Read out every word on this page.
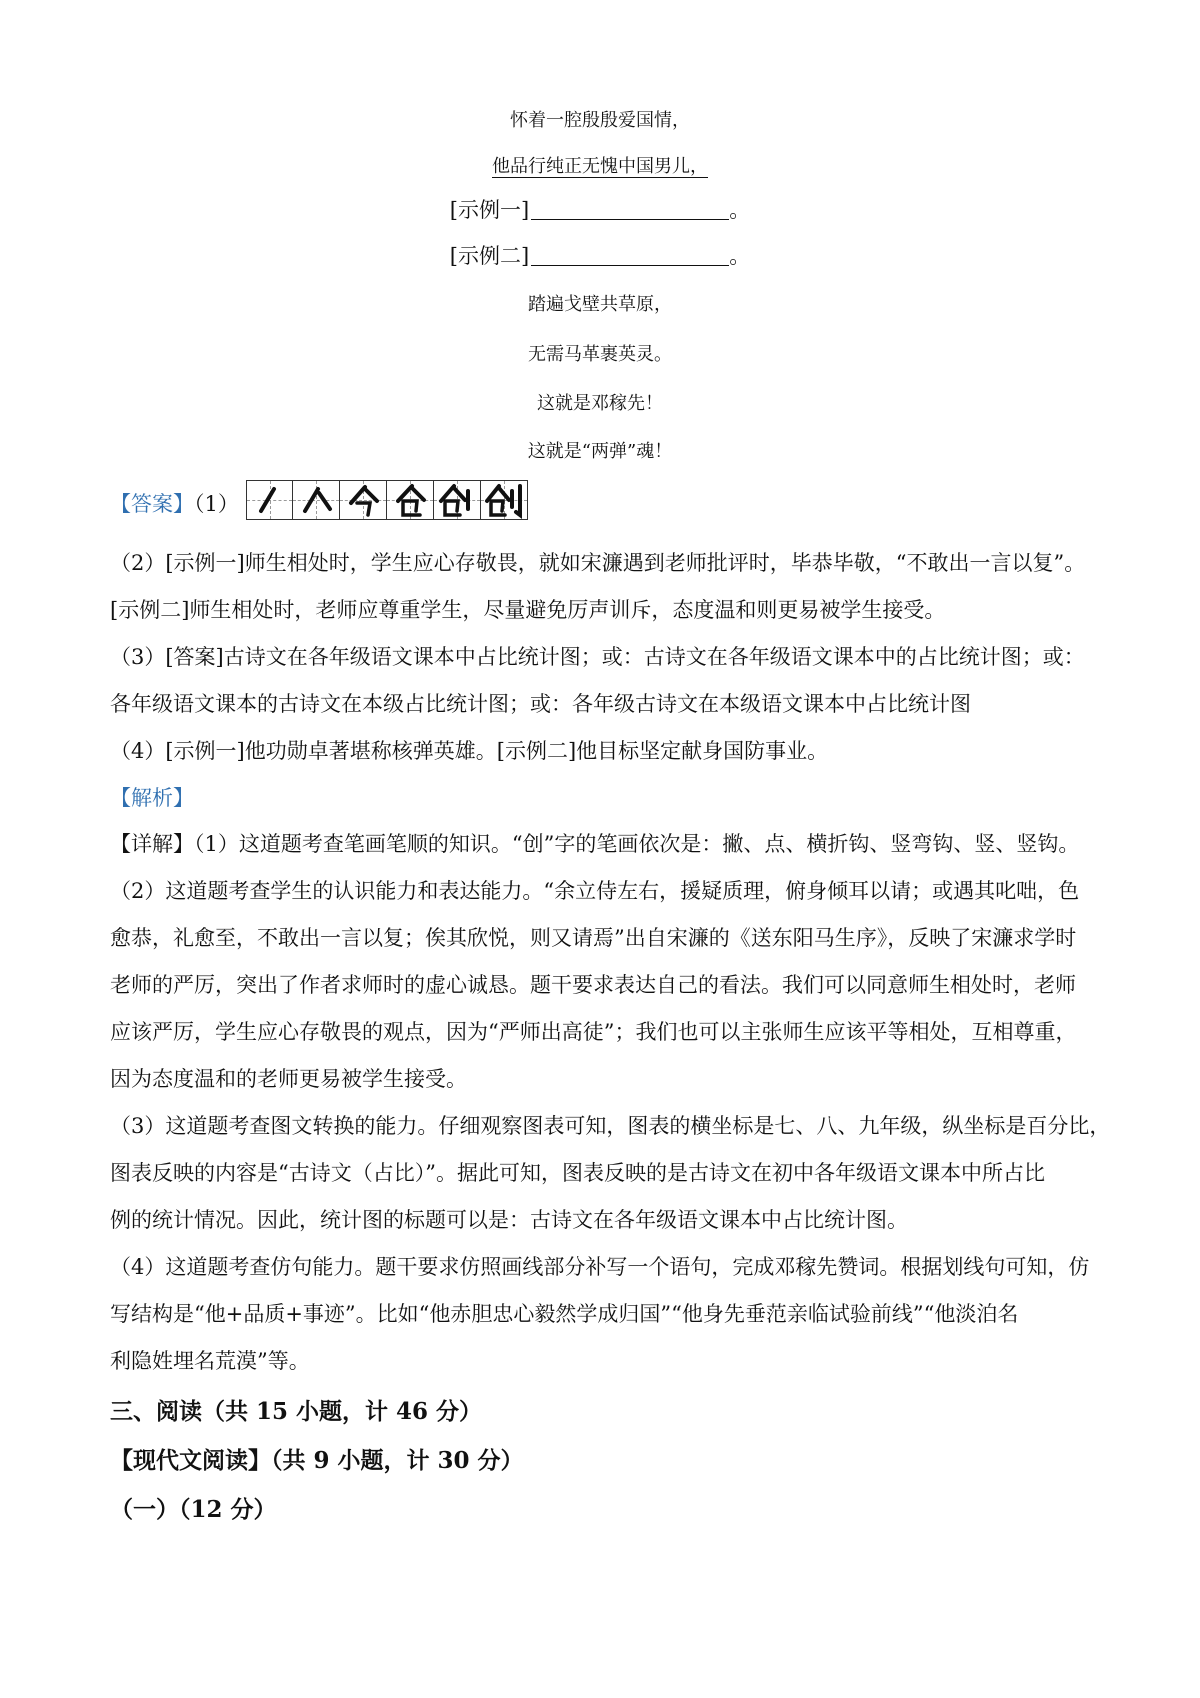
怀着一腔殷殷爱国情，
他品行纯正无愧中国男儿，
[示例一]	。
[示例二]	。
踏遍戈壁共草原，
无需马革裹英灵。
这就是邓稼先！
这就是“两弹”魂！
【答案】（1）
（2）[示例一]师生相处时，学生应心存敬畏，就如宋濂遇到老师批评时，毕恭毕敬，“不敢出一言以复”。
[示例二]师生相处时，老师应尊重学生，尽量避免厉声训斥，态度温和则更易被学生接受。
（3）[答案]古诗文在各年级语文课本中占比统计图；或：古诗文在各年级语文课本中的占比统计图；或：
各年级语文课本的古诗文在本级占比统计图；或：各年级古诗文在本级语文课本中占比统计图
（4）[示例一]他功勋卓著堪称核弹英雄。[示例二]他目标坚定献身国防事业。
【解析】
【详解】（1）这道题考查笔画笔顺的知识。“创”字的笔画依次是：撇、点、横折钩、竖弯钩、竖、竖钩。
（2）这道题考查学生的认识能力和表达能力。“余立侍左右，援疑质理，俯身倾耳以请；或遇其叱咄，色
愈恭，礼愈至，不敢出一言以复；俟其欣悦，则又请焉”出自宋濂的《送东阳马生序》，反映了宋濂求学时
老师的严厉，突出了作者求师时的虚心诚恳。题干要求表达自己的看法。我们可以同意师生相处时，老师
应该严厉，学生应心存敬畏的观点，因为“严师出高徒”；我们也可以主张师生应该平等相处，互相尊重，
因为态度温和的老师更易被学生接受。
（3）这道题考查图文转换的能力。仔细观察图表可知，图表的横坐标是七、八、九年级，纵坐标是百分比，
图表反映的内容是“古诗文（占比）”。据此可知，图表反映的是古诗文在初中各年级语文课本中所占比
例的统计情况。因此，统计图的标题可以是：古诗文在各年级语文课本中占比统计图。
（4）这道题考查仿句能力。题干要求仿照画线部分补写一个语句，完成邓稼先赞词。根据划线句可知，仿
写结构是“他+品质+事迹”。比如“他赤胆忠心毅然学成归国”“他身先垂范亲临试验前线”“他淡泊名
利隐姓埋名荒漠”等。
三、阅读（共 15 小题，计 46 分）
【现代文阅读】（共 9 小题，计 30 分）
（一）（12 分）
